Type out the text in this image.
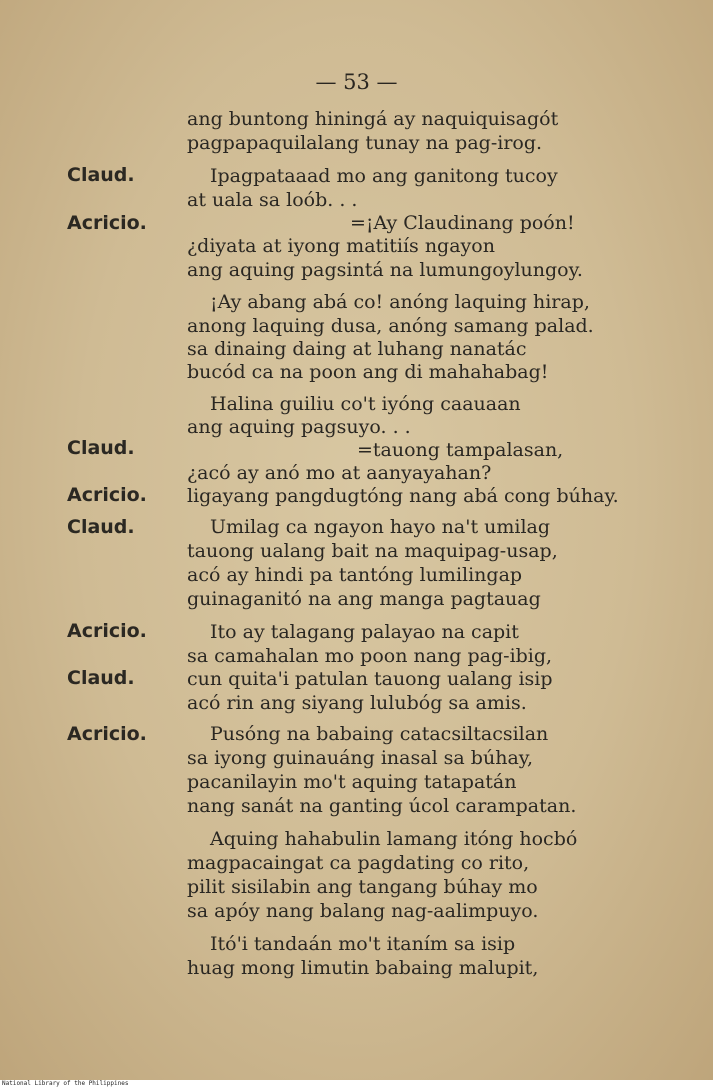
— 53 —
Claud.
Acricio.
Claud.
Acricio.
Claud.
Acricio.
Claud.
Acricio.
ang buntong hiningá ay naquiquisagót
pagpapaquilalang tunay na pag-irog.
Ipagpataaad mo ang ganitong tucoy
at uala sa loób. . .
=¡Ay Claudinang poón!
¿diyata at iyong matitiís ngayon
ang aquing pagsintá na lumungoylungoy.
¡Ay abang abá co! anóng laquing hirap,
anong laquing dusa, anóng samang palad.
sa dinaing daing at luhang nanatác
bucód ca na poon ang di mahahabag!
Halina guiliu co't iyóng caauaan
ang aquing pagsuyo. . .
=tauong tampalasan,
¿acó ay anó mo at aanyayahan?
ligayang pangdugtóng nang abá cong búhay.
Umilag ca ngayon hayo na't umilag
tauong ualang bait na maquipag-usap,
acó ay hindi pa tantóng lumilingap
guinaganitó na ang manga pagtauag
Ito ay talagang palayao na capit
sa camahalan mo poon nang pag-ibig,
cun quita'i patulan tauong ualang isip
acó rin ang siyang lulubóg sa amis.
Pusóng na babaing catacsiltacsilan
sa iyong guinauáng inasal sa búhay,
pacanilayin mo't aquing tatapatán
nang sanát na ganting úcol carampatan.
Aquing hahabulin lamang itóng hocbó
magpacaingat ca pagdating co rito,
pilit sisilabin ang tangang búhay mo
sa apóy nang balang nag-aalimpuyo.
Itó'i tandaán mo't itaním sa isip
huag mong limutin babaing malupit,
National Library of the Philippines
